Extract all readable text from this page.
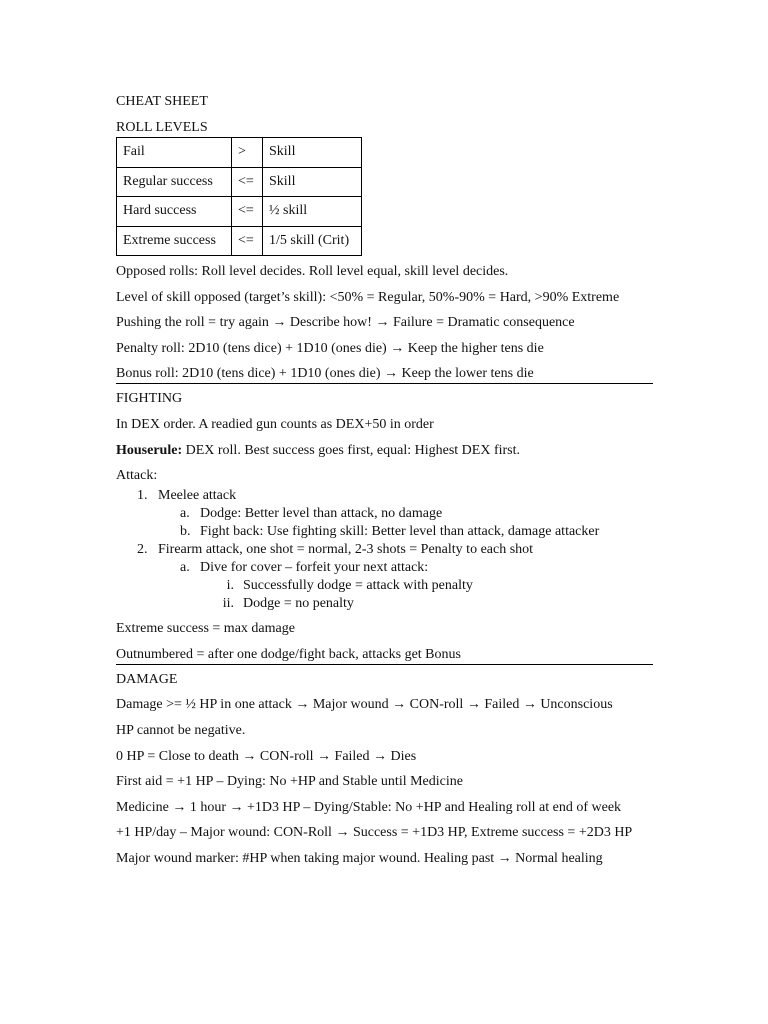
CHEAT SHEET

ROLL LEVELS

Fail	>	Skill
Regular success	<=	Skill
Hard success	<=	½ skill
Extreme success	<=	1/5 skill (Crit)

Opposed rolls: Roll level decides. Roll level equal, skill level decides.

Level of skill opposed (target’s skill): <50% = Regular, 50%-90% = Hard, >90% Extreme

Pushing the roll = try again → Describe how! → Failure = Dramatic consequence

Penalty roll: 2D10 (tens dice) + 1D10 (ones die) → Keep the higher tens die

Bonus roll: 2D10 (tens dice) + 1D10 (ones die) → Keep the lower tens die

FIGHTING

In DEX order. A readied gun counts as DEX+50 in order

Houserule: DEX roll. Best success goes first, equal: Highest DEX first.

Attack:

1. Meelee attack
a. Dodge: Better level than attack, no damage
b. Fight back: Use fighting skill: Better level than attack, damage attacker
2. Firearm attack, one shot = normal, 2-3 shots = Penalty to each shot
a. Dive for cover – forfeit your next attack:
i. Successfully dodge = attack with penalty
ii. Dodge = no penalty

Extreme success = max damage

Outnumbered = after one dodge/fight back, attacks get Bonus

DAMAGE

Damage >= ½ HP in one attack → Major wound → CON-roll → Failed → Unconscious

HP cannot be negative.

0 HP = Close to death → CON-roll → Failed → Dies

First aid = +1 HP – Dying: No +HP and Stable until Medicine

Medicine → 1 hour → +1D3 HP – Dying/Stable: No +HP and Healing roll at end of week

+1 HP/day – Major wound: CON-Roll → Success = +1D3 HP, Extreme success = +2D3 HP

Major wound marker: #HP when taking major wound. Healing past → Normal healing
